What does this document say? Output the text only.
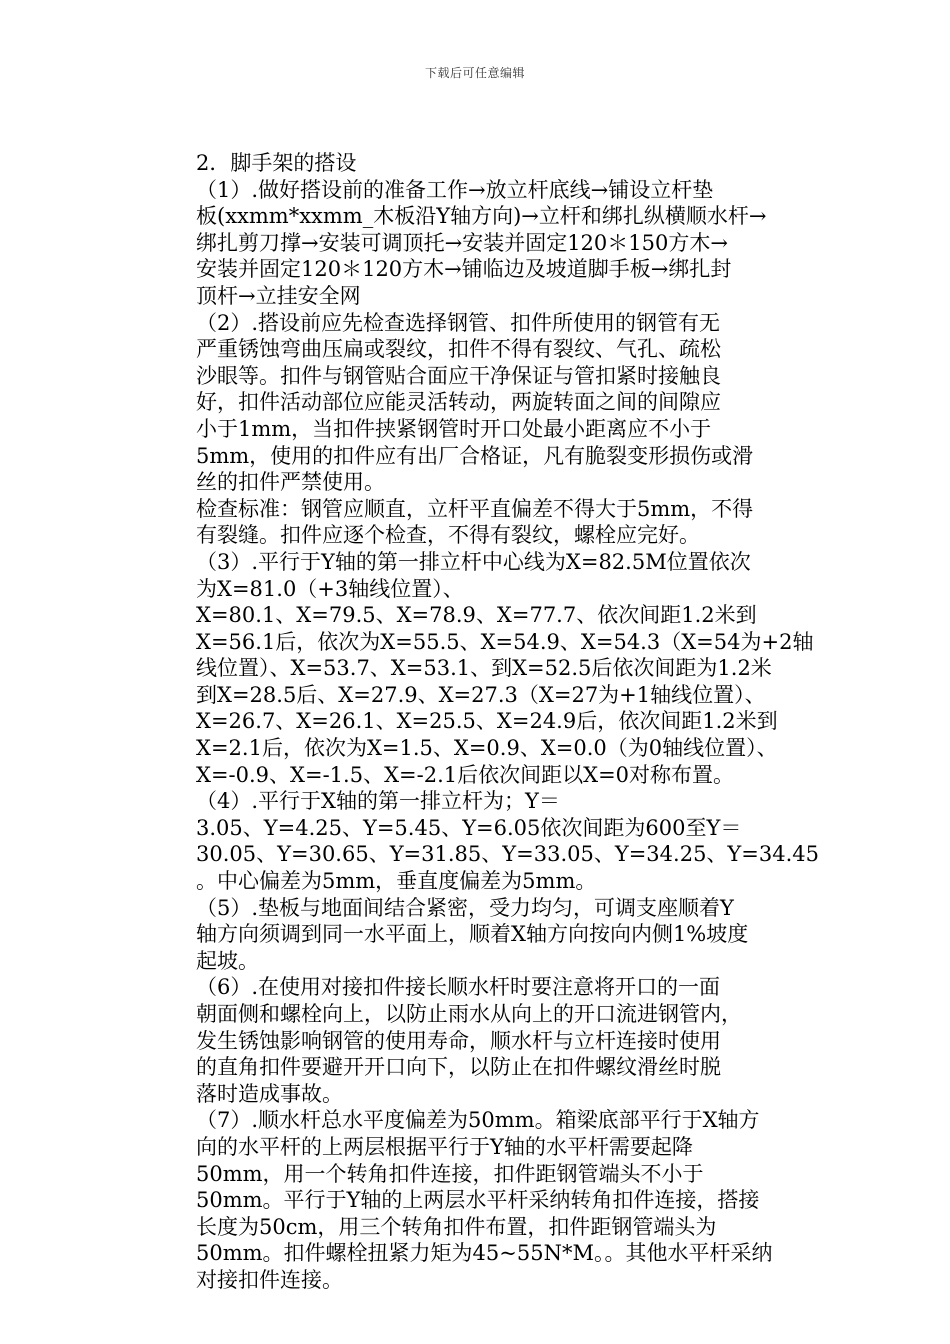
下载后可任意编辑
2．脚手架的搭设
（1）.做好搭设前的准备工作→放立杆底线→铺设立杆垫
板(xxmm*xxmm_木板沿Y轴方向)→立杆和绑扎纵横顺水杆→
绑扎剪刀撑→安装可调顶托→安装并固定120＊150方木→
安装并固定120＊120方木→铺临边及坡道脚手板→绑扎封
顶杆→立挂安全网
（2）.搭设前应先检查选择钢管、扣件所使用的钢管有无
严重锈蚀弯曲压扁或裂纹，扣件不得有裂纹、气孔、疏松
沙眼等。扣件与钢管贴合面应干净保证与管扣紧时接触良
好，扣件活动部位应能灵活转动，两旋转面之间的间隙应
小于1mm，当扣件挟紧钢管时开口处最小距离应不小于
5mm，使用的扣件应有出厂合格证，凡有脆裂变形损伤或滑
丝的扣件严禁使用。
检查标准：钢管应顺直，立杆平直偏差不得大于5mm，不得
有裂缝。扣件应逐个检查，不得有裂纹，螺栓应完好。
（3）.平行于Y轴的第一排立杆中心线为X=82.5M位置依次
为X=81.0（+3轴线位置）、
X=80.1、X=79.5、X=78.9、X=77.7、依次间距1.2米到
X=56.1后，依次为X=55.5、X=54.9、X=54.3（X=54为+2轴
线位置）、X=53.7、X=53.1、到X=52.5后依次间距为1.2米
到X=28.5后、X=27.9、X=27.3（X=27为+1轴线位置）、
X=26.7、X=26.1、X=25.5、X=24.9后，依次间距1.2米到
X=2.1后，依次为X=1.5、X=0.9、X=0.0（为0轴线位置）、
X=-0.9、X=-1.5、X=-2.1后依次间距以X=0对称布置。
（4）.平行于X轴的第一排立杆为；Y＝
3.05、Y=4.25、Y=5.45、Y=6.05依次间距为600至Y＝
30.05、Y=30.65、Y=31.85、Y=33.05、Y=34.25、Y=34.45
。中心偏差为5mm，垂直度偏差为5mm。
（5）.垫板与地面间结合紧密，受力均匀，可调支座顺着Y
轴方向须调到同一水平面上，顺着X轴方向按向内侧1%坡度
起坡。
（6）.在使用对接扣件接长顺水杆时要注意将开口的一面
朝面侧和螺栓向上，以防止雨水从向上的开口流进钢管内，
发生锈蚀影响钢管的使用寿命，顺水杆与立杆连接时使用
的直角扣件要避开开口向下，以防止在扣件螺纹滑丝时脱
落时造成事故。
（7）.顺水杆总水平度偏差为50mm。箱梁底部平行于X轴方
向的水平杆的上两层根据平行于Y轴的水平杆需要起降
50mm，用一个转角扣件连接，扣件距钢管端头不小于
50mm。平行于Y轴的上两层水平杆采纳转角扣件连接，搭接
长度为50cm，用三个转角扣件布置，扣件距钢管端头为
50mm。扣件螺栓扭紧力矩为45~55N*M。。其他水平杆采纳
对接扣件连接。
